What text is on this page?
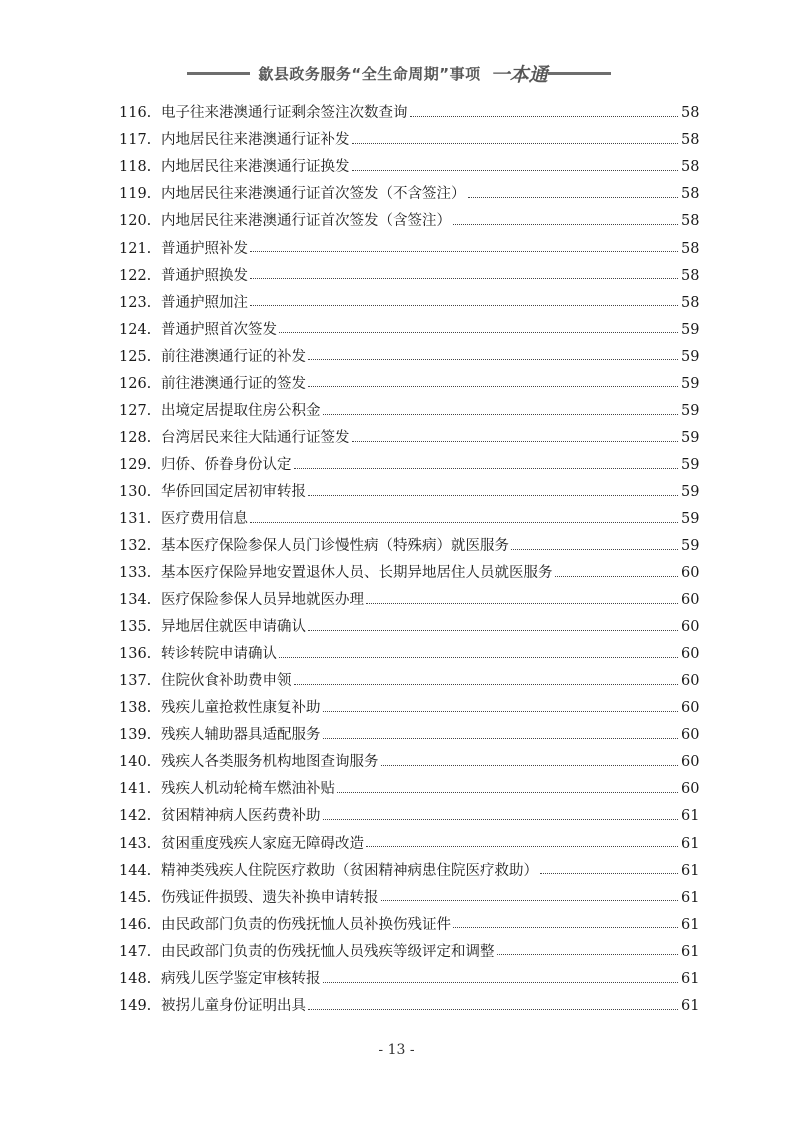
歙县政务服务“全生命周期”事项 一本通
116. 电子往来港澳通行证剩余签注次数查询	58
117. 内地居民往来港澳通行证补发	58
118. 内地居民往来港澳通行证换发	58
119. 内地居民往来港澳通行证首次签发（不含签注）	58
120. 内地居民往来港澳通行证首次签发（含签注）	58
121. 普通护照补发	58
122. 普通护照换发	58
123. 普通护照加注	58
124. 普通护照首次签发	59
125. 前往港澳通行证的补发	59
126. 前往港澳通行证的签发	59
127. 出境定居提取住房公积金	59
128. 台湾居民来往大陆通行证签发	59
129. 归侨、侨眷身份认定	59
130. 华侨回国定居初审转报	59
131. 医疗费用信息	59
132. 基本医疗保险参保人员门诊慢性病（特殊病）就医服务	59
133. 基本医疗保险异地安置退休人员、长期异地居住人员就医服务	60
134. 医疗保险参保人员异地就医办理	60
135. 异地居住就医申请确认	60
136. 转诊转院申请确认	60
137. 住院伙食补助费申领	60
138. 残疾儿童抢救性康复补助	60
139. 残疾人辅助器具适配服务	60
140. 残疾人各类服务机构地图查询服务	60
141. 残疾人机动轮椅车燃油补贴	60
142. 贫困精神病人医药费补助	61
143. 贫困重度残疾人家庭无障碍改造	61
144. 精神类残疾人住院医疗救助（贫困精神病患住院医疗救助）	61
145. 伤残证件损毁、遗失补换申请转报	61
146. 由民政部门负责的伤残抚恤人员补换伤残证件	61
147. 由民政部门负责的伤残抚恤人员残疾等级评定和调整	61
148. 病残儿医学鉴定审核转报	61
149. 被拐儿童身份证明出具	61
- 13 -
